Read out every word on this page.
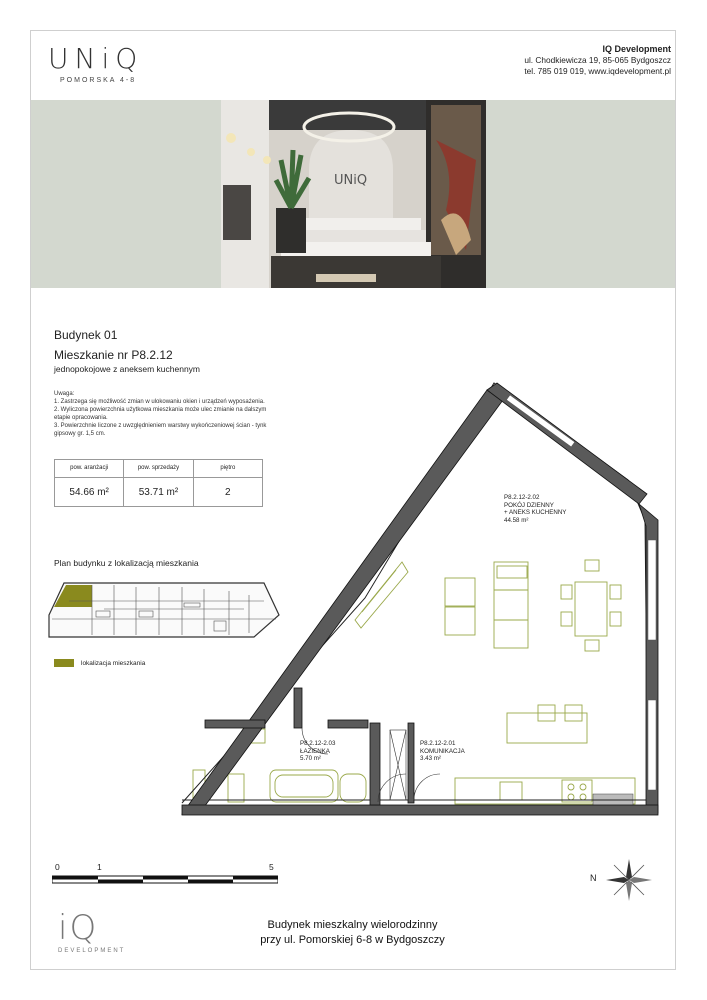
UNiQ
POMORSKA 4-8
IQ Development
ul. Chodkiewicza 19, 85-065 Bydgoszcz
tel. 785 019 019, www.iqdevelopment.pl
UNiQ
Budynek 01
Mieszkanie nr P8.2.12
jednopokojowe z aneksem kuchennym
Uwaga:
1. Zastrzega się możliwość zmian w ulokowaniu okien i urządzeń wyposażenia.
2. Wyliczona powierzchnia użytkowa mieszkania może ulec zmianie na dalszym etapie opracowania.
3. Powierzchnie liczone z uwzględnieniem warstwy wykończeniowej ścian - tynk gipsowy gr. 1,5 cm.
pow. aranżacji	pow. sprzedaży	piętro
54.66 m²	53.71 m²	2
Plan budynku z lokalizacją mieszkania
lokalizacja mieszkania
P8.2.12-2.02
POKÓJ DZIENNY
+ ANEKS KUCHENNY
44.58 m²
P8.2.12-2.03
ŁAZIENKA
5.70 m²
P8.2.12-2.01
KOMUNIKACJA
3.43 m²
0	1	5
N
iQ
DEVELOPMENT
Budynek mieszkalny wielorodzinny
przy ul. Pomorskiej 6-8 w Bydgoszczy
